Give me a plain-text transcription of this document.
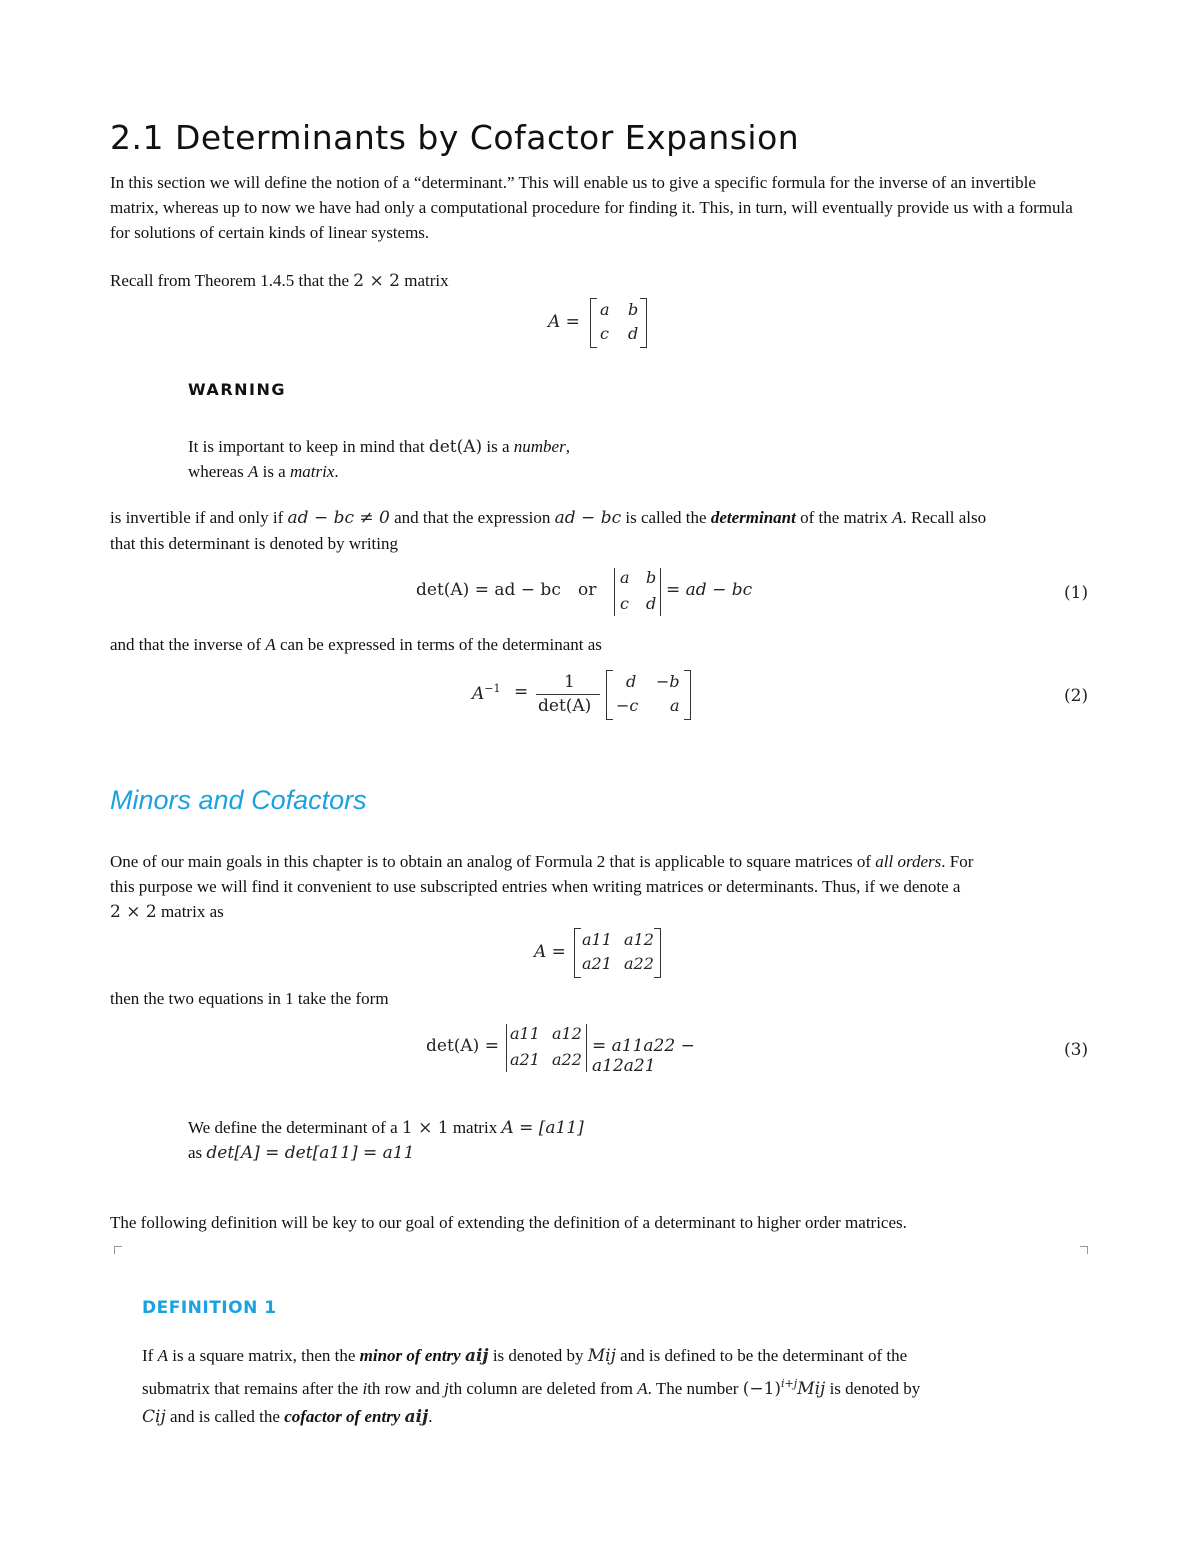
2.1 Determinants by Cofactor Expansion
In this section we will define the notion of a “determinant.” This will enable us to give a specific formula for the inverse of an invertible matrix, whereas up to now we have had only a computational procedure for finding it. This, in turn, will eventually provide us with a formula for solutions of certain kinds of linear systems.
Recall from Theorem 1.4.5 that the 2 × 2 matrix
A =
a b
c d
WARNING
It is important to keep in mind that det(A) is a number,
whereas A is a matrix.
is invertible if and only if ad − bc ≠ 0 and that the expression ad − bc is called the determinant of the matrix A. Recall also
that this determinant is denoted by writing
det(A) = ad − bc or
a b
c d
= ad − bc	(1)
and that the inverse of A can be expressed in terms of the determinant as
$A^{-1} = 1$
det(A)
d −b
−c a	(2)
Minors and Cofactors
One of our main goals in this chapter is to obtain an analog of Formula 2 that is applicable to square matrices of all orders. For
this purpose we will find it convenient to use subscripted entries when writing matrices or determinants. Thus, if we denote a
2 × 2 matrix as
A =
a11 a12
a21 a22
then the two equations in 1 take the form
det(A) =
a11 a12
a21 a22
= a11a22 − a12a21
(3)
We define the determinant of a 1 × 1 matrix A = [a11]
as det[A] = det[a11] = a11
The following definition will be key to our goal of extending the definition of a determinant to higher order matrices.
DEFINITION 1
If A is a square matrix, then the minor of entry aij is denoted by Mij and is defined to be the determinant of the
submatrix that remains after the ith row and jth column are deleted from A. The number $(-1)^{i+j}Mij$ is denoted by
Cij and is called the cofactor of entry aij.
